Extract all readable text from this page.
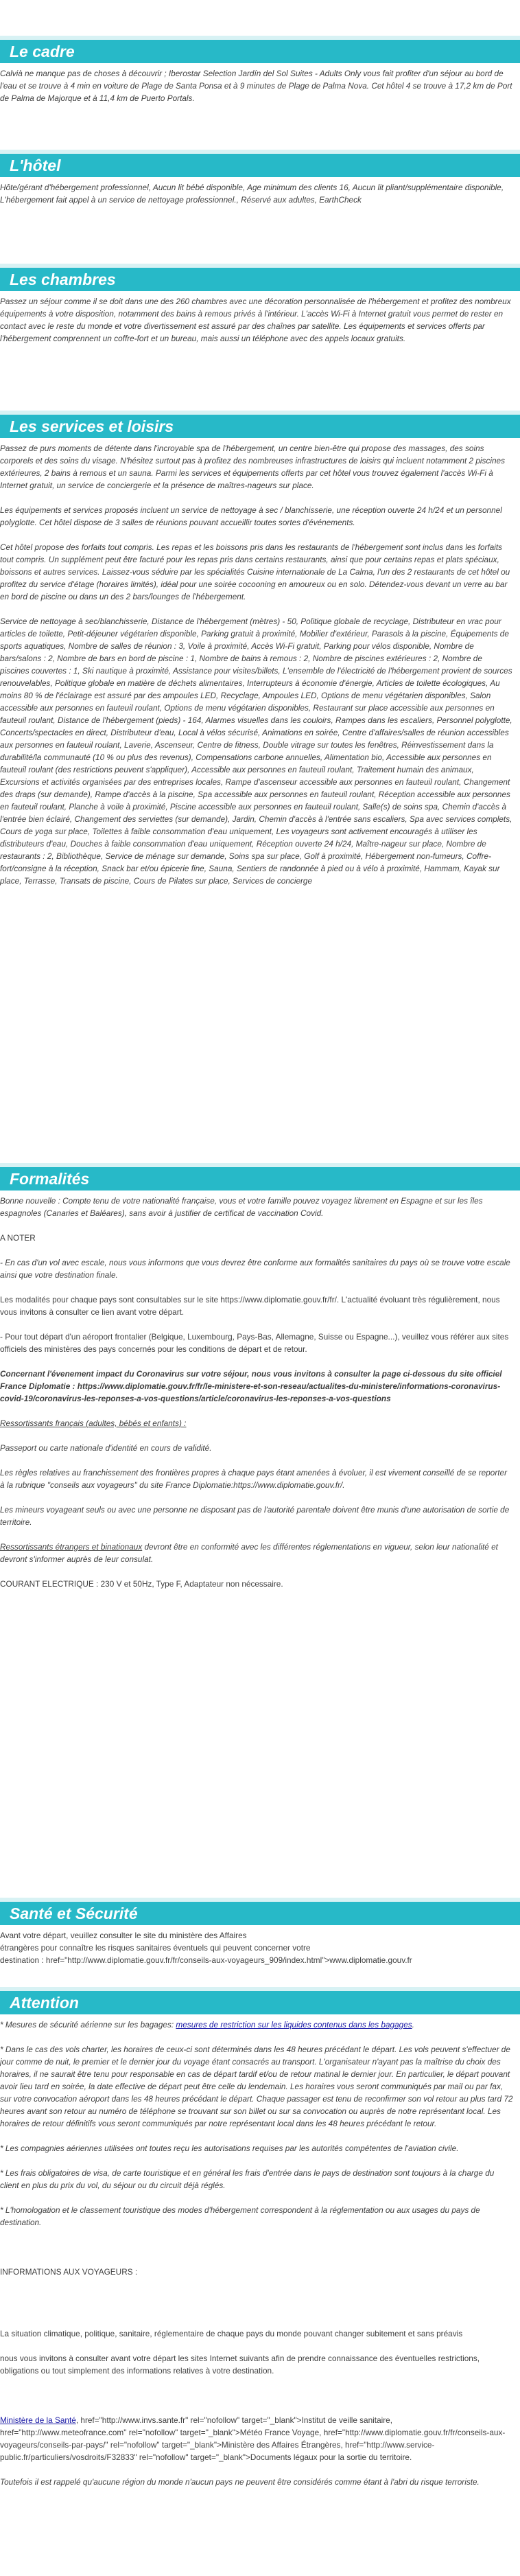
Le cadre

Calvià ne manque pas de choses à découvrir ; Iberostar Selection Jardín del Sol Suites - Adults Only vous fait profiter d'un séjour au bord de l'eau et se trouve à 4 min en voiture de Plage de Santa Ponsa et à 9 minutes de Plage de Palma Nova. Cet hôtel 4 se trouve à 17,2 km de Port de Palma de Majorque et à 11,4 km de Puerto Portals.

L'hôtel

Hôte/gérant d'hébergement professionnel, Aucun lit bébé disponible, Age minimum des clients 16, Aucun lit pliant/supplémentaire disponible, L'hébergement fait appel à un service de nettoyage professionnel., Réservé aux adultes, EarthCheck

Les chambres

Passez un séjour comme il se doit dans une des 260 chambres avec une décoration personnalisée de l'hébergement et profitez des nombreux équipements à votre disposition, notamment des bains à remous privés à l'intérieur. L'accès Wi-Fi à Internet gratuit vous permet de rester en contact avec le reste du monde et votre divertissement est assuré par des chaînes par satellite. Les équipements et services offerts par l'hébergement comprennent un coffre-fort et un bureau, mais aussi un téléphone avec des appels locaux gratuits.

Les services et loisirs

Passez de purs moments de détente dans l'incroyable spa de l'hébergement, un centre bien-être qui propose des massages, des soins corporels et des soins du visage. N'hésitez surtout pas à profitez des nombreuses infrastructures de loisirs qui incluent notamment 2 piscines extérieures, 2 bains à remous et un sauna. Parmi les services et équipements offerts par cet hôtel vous trouvez également l'accès Wi-Fi à Internet gratuit, un service de conciergerie et la présence de maîtres-nageurs sur place.

Les équipements et services proposés incluent un service de nettoyage à sec / blanchisserie, une réception ouverte 24 h/24 et un personnel polyglotte. Cet hôtel dispose de 3 salles de réunions pouvant accueillir toutes sortes d'événements.

Cet hôtel propose des forfaits tout compris. Les repas et les boissons pris dans les restaurants de l'hébergement sont inclus dans les forfaits tout compris. Un supplément peut être facturé pour les repas pris dans certains restaurants, ainsi que pour certains repas et plats spéciaux, boissons et autres services. Laissez-vous séduire par les spécialités Cuisine internationale de La Calma, l'un des 2 restaurants de cet hôtel ou profitez du service d'étage (horaires limités), idéal pour une soirée cocooning en amoureux ou en solo. Détendez-vous devant un verre au bar en bord de piscine ou dans un des 2 bars/lounges de l'hébergement.

Service de nettoyage à sec/blanchisserie, Distance de l'hébergement (mètres) - 50, Politique globale de recyclage, Distributeur en vrac pour articles de toilette, Petit-déjeuner végétarien disponible, Parking gratuit à proximité, Mobilier d'extérieur, Parasols à la piscine, Équipements de sports aquatiques, Nombre de salles de réunion : 3, Voile à proximité, Accès Wi-Fi gratuit, Parking pour vélos disponible, Nombre de bars/salons : 2, Nombre de bars en bord de piscine : 1, Nombre de bains à remous : 2, Nombre de piscines extérieures : 2, Nombre de piscines couvertes : 1, Ski nautique à proximité, Assistance pour visites/billets, L'ensemble de l'électricité de l'hébergement provient de sources renouvelables, Politique globale en matière de déchets alimentaires, Interrupteurs à économie d'énergie, Articles de toilette écologiques, Au moins 80 % de l'éclairage est assuré par des ampoules LED, Recyclage, Ampoules LED, Options de menu végétarien disponibles, Salon accessible aux personnes en fauteuil roulant, Options de menu végétarien disponibles, Restaurant sur place accessible aux personnes en fauteuil roulant, Distance de l'hébergement (pieds) - 164, Alarmes visuelles dans les couloirs, Rampes dans les escaliers, Personnel polyglotte, Concerts/spectacles en direct, Distributeur d'eau, Local à vélos sécurisé, Animations en soirée, Centre d'affaires/salles de réunion accessibles aux personnes en fauteuil roulant, Laverie, Ascenseur, Centre de fitness, Double vitrage sur toutes les fenêtres, Réinvestissement dans la durabilité/la communauté (10 % ou plus des revenus), Compensations carbone annuelles, Alimentation bio, Accessible aux personnes en fauteuil roulant (des restrictions peuvent s'appliquer), Accessible aux personnes en fauteuil roulant, Traitement humain des animaux, Excursions et activités organisées par des entreprises locales, Rampe d'ascenseur accessible aux personnes en fauteuil roulant, Changement des draps (sur demande), Rampe d'accès à la piscine, Spa accessible aux personnes en fauteuil roulant, Réception accessible aux personnes en fauteuil roulant, Planche à voile à proximité, Piscine accessible aux personnes en fauteuil roulant, Salle(s) de soins spa, Chemin d'accès à l'entrée bien éclairé, Changement des serviettes (sur demande), Jardin, Chemin d'accès à l'entrée sans escaliers, Spa avec services complets, Cours de yoga sur place, Toilettes à faible consommation d'eau uniquement, Les voyageurs sont activement encouragés à utiliser les distributeurs d'eau, Douches à faible consommation d'eau uniquement, Réception ouverte 24 h/24, Maître-nageur sur place, Nombre de restaurants : 2, Bibliothèque, Service de ménage sur demande, Soins spa sur place, Golf à proximité, Hébergement non-fumeurs, Coffre-fort/consigne à la réception, Snack bar et/ou épicerie fine, Sauna, Sentiers de randonnée à pied ou à vélo à proximité, Hammam, Kayak sur place, Terrasse, Transats de piscine, Cours de Pilates sur place, Services de concierge

Formalités

Bonne nouvelle : Compte tenu de votre nationalité française, vous et votre famille pouvez voyagez librement en Espagne et sur les îles espagnoles (Canaries et Baléares), sans avoir à justifier de certificat de vaccination Covid.

A NOTER

- En cas d'un vol avec escale, nous vous informons que vous devrez être conforme aux formalités sanitaires du pays où se trouve votre escale ainsi que votre destination finale.

Les modalités pour chaque pays sont consultables sur le site https://www.diplomatie.gouv.fr/fr/. L'actualité évoluant très régulièrement, nous vous invitons à consulter ce lien avant votre départ.

- Pour tout départ d'un aéroport frontalier (Belgique, Luxembourg, Pays-Bas, Allemagne, Suisse ou Espagne...), veuillez vous référer aux sites officiels des ministères des pays concernés pour les conditions de départ et de retour.

Concernant l'évenement impact du Coronavirus sur votre séjour, nous vous invitons à consulter la page ci-dessous du site officiel France Diplomatie : https://www.diplomatie.gouv.fr/fr/le-ministere-et-son-reseau/actualites-du-ministere/informations-coronavirus-covid-19/coronavirus-les-reponses-a-vos-questions/article/coronavirus-les-reponses-a-vos-questions

Ressortissants français (adultes, bébés et enfants) :

Passeport ou carte nationale d'identité en cours de validité.

Les règles relatives au franchissement des frontières propres à chaque pays étant amenées à évoluer, il est vivement conseillé de se reporter à la rubrique "conseils aux voyageurs" du site France Diplomatie:https://www.diplomatie.gouv.fr/.

Les mineurs voyageant seuls ou avec une personne ne disposant pas de l'autorité parentale doivent être munis d'une autorisation de sortie de territoire.

Ressortissants étrangers et binationaux devront être en conformité avec les différentes réglementations en vigueur, selon leur nationalité et devront s'informer auprès de leur consulat.

COURANT ELECTRIQUE : 230 V et 50Hz, Type F, Adaptateur non nécessaire.

Santé et Sécurité
Avant votre départ, veuillez consulter le site du ministère des Affaires
étrangères pour connaître les risques sanitaires éventuels qui peuvent concerner votre
destination : href="http://www.diplomatie.gouv.fr/fr/conseils-aux-voyageurs_909/index.html">www.diplomatie.gouv.fr
Attention

* Mesures de sécurité aérienne sur les bagages: mesures de restriction sur les liquides contenus dans les bagages.

* Dans le cas des vols charter, les horaires de ceux-ci sont déterminés dans les 48 heures précédant le départ. Les vols peuvent s'effectuer de jour comme de nuit, le premier et le dernier jour du voyage étant consacrés au transport. L'organisateur n'ayant pas la maîtrise du choix des horaires, il ne saurait être tenu pour responsable en cas de départ tardif et/ou de retour matinal le dernier jour. En particulier, le départ pouvant avoir lieu tard en soirée, la date effective de départ peut être celle du lendemain. Les horaires vous seront communiqués par mail ou par fax, sur votre convocation aéroport dans les 48 heures précédant le départ. Chaque passager est tenu de reconfirmer son vol retour au plus tard 72 heures avant son retour au numéro de téléphone se trouvant sur son billet ou sur sa convocation ou auprès de notre représentant local. Les horaires de retour définitifs vous seront communiqués par notre représentant local dans les 48 heures précédant le retour.

* Les compagnies aériennes utilisées ont toutes reçu les autorisations requises par les autorités compétentes de l'aviation civile.

* Les frais obligatoires de visa, de carte touristique et en général les frais d'entrée dans le pays de destination sont toujours à la charge du client en plus du prix du vol, du séjour ou du circuit déjà réglés.

* L'homologation et le classement touristique des modes d'hébergement correspondent à la réglementation ou aux usages du pays de destination.

INFORMATIONS AUX VOYAGEURS :

La situation climatique, politique, sanitaire, réglementaire de chaque pays du monde pouvant changer subitement et sans préavis

nous vous invitons à consulter avant votre départ les sites Internet suivants afin de prendre connaissance des éventuelles restrictions, obligations ou tout simplement des informations relatives à votre destination.

Ministère de la Santé, href="http://www.invs.sante.fr" rel="nofollow" target="_blank">Institut de veille sanitaire, href="http://www.meteofrance.com" rel="nofollow" target="_blank">Météo France Voyage, href="http://www.diplomatie.gouv.fr/fr/conseils-aux-voyageurs/conseils-par-pays/" rel="nofollow" target="_blank">Ministère des Affaires Étrangères, href="http://www.service-public.fr/particuliers/vosdroits/F32833" rel="nofollow" target="_blank">Documents légaux pour la sortie du territoire.

Toutefois il est rappelé qu'aucune région du monde n'aucun pays ne peuvent être considérés comme étant à l'abri du risque terroriste.
